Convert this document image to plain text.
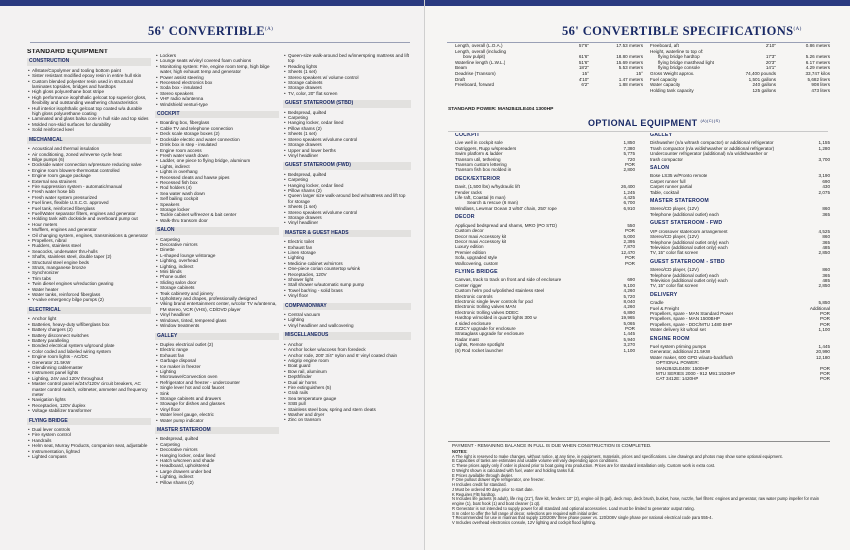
56' $CONVERTIBLE^{(A)}$
STANDARD EQUIPMENT
CONSTRUCTION
• Allstate/Copolymer and tooling bottom paint
• Sister resistant modified epoxy resin in entire hull skin
• Custom blended polyester resin used in structural laminates topsides, bridges and hardtops
• High gloss polyurethane boot stripe
• High performance isophthalic gelcoat top superior gloss, flexibility and outstanding weathering characteristics
• Hull interior isophthalic gelcoat top coated w/a durable high gloss polyurethane coating
• Laminated and glass balsa core in hull side and top sides
• Molded non-skid surfaces for durability
• Solid reinforced keel
MECHANICAL
• Acoustical and thermal insulation
• Air conditioning, zoned w/reverse cycle heat
• Bilge pumps (6)
• Dockside water connection w/pressure reducing valve
• Engine room blowers-thermostat controlled
• Engine room gauge package
• External sea strainers
• Fire suppression system - automatic/manual
• Fresh water hose bib
• Fresh water system pressurized
• Fuel lines, flexible U.S.C.G. approved
• Fuel tank, reinforced fiberglass
• Fuel/Water separator filters, engines and generator
• Holding tank with dockside and overboard pump out
• Hour meters
• Mufflers, engines and generator
• Oil changing system, engines, transmissions & generator
• Propellers, nibral
• Rudders, stainless steel
• Seacocks, underwater thru-hulls
• Shafts, stainless steel, double taper (2)
• Structural steel engine beds
• Struts, manganese bronze
• Synchronizer
• Trim tabs
• Twin diesel engines w/reduction gearing
• Water heater
• Water tanks, reinforced fiberglass
• Y-valve emergency bilge pumps (2)
ELECTRICAL
• Anchor light
• Batteries, heavy-duty w/fiberglass box
• Battery chargers (2)
• Battery disconnect switches
• Battery paralleling
• Bonded electrical system w/ground plate
• Color coded and labeled wiring system
• Engine room lights - AC/DC
• Generator 21.5KW
• Glendinning cablemaster
• Instrument panel lights
• Lighting, 24V and 120V throughout
• Master control panel w/24V/120V circuit breakers, AC master control switch, voltmeter, ammeter and frequency meter
• Navigation lights
• Receptacles, 120V duplex
• Voltage stabilizer transformer
FLYING BRIDGE
• Dual lever controls
• Fire system control
• Handrails
• Helm seat, Murray Products, companion seat, adjustable
• Instrumentation, lighted
• Lighted compass
• Lockers
• Lounge seats w/vinyl covered foam cushions
• Monitoring system: Fire, engine room temp, high bilge water, high exhaust temp and generator
• Power assist steering
• Recessed electronics box
• Soda box - insulated
• Stereo speakers
• VHF radio w/antenna
• Windshield venturi-type
COCKPIT
• Boarding box, fiberglass
• Cable TV and telephone connection
• Deck scale storage boxes (2)
• Dockside electric and water connection
• Drink box in step - insulated
• Engine room access
• Fresh water wash down
• Ladder, one piece to flying bridge, aluminum
• Lights, indirect
• Lights in overhang
• Recessed cleats and hawse pipes
• Recessed fish box
• Rod holders (4)
• Sea water wash down
• Self bailing cockpit
• Speakers
• Storage locker
• Tackle cabinet w/freezer & bait center
• Walk-thru transom door
SALON
• Carpeting
• Decorative mirrors
• Dinette
• L-shaped lounge w/storage
• Lighting, overhead
• Lighting, indirect
• Mini blinds
• Phone outlet
• Sliding salon door
• Storage cabinets
• Teak cabinetry and joinery
• Upholstery and drapes, professionally designed
• Viking brand entertainment center, w/color TV w/antenna, FM stereo, VCR (VHS), CD/DVD player
• Vinyl headliner
• Windows, tinted, tempered glass
• Window treatments
GALLEY
• Duplex electrical outlet (2)
• Electric range
• Exhaust fan
• Garbage disposal
• Ice maker in freezer
• Lighting
• Microwave/Convection oven
• Refrigerator and freezer - undercounter
• Single lever hot and cold faucet
• Sink
• Storage cabinets and drawers
• Stowage for dishes and glasses
• Vinyl floor
• Water level gauge, electric
• Water pump indicator
MASTER STATEROOM
• Bedspread, quilted
• Carpeting
• Decorative mirrors
• Hanging locker, cedar lined
• Hatch w/screen and shade
• Headboard, upholstered
• Large drawers under bed
• Lighting, indirect
• Pillow shams (2)
• Queen-size walk-around bed w/innerspring mattress and lift top
• Reading lights
• Sheets (1 set)
• Stereo speakers w/ volume control
• Storage cabinets
• Storage drawers
• TV, color, 20" flat screen
GUEST STATEROOM (STBD)
• Bedspread, quilted
• Carpeting
• Hanging locker, cedar lined
• Pillow shams (2)
• Sheets (1 set)
• Stereo speakers w/volume control
• Storage drawers
• Upper and lower berths
• Vinyl headliner
GUEST STATEROOM (FWD)
• Bedspread, quilted
• Carpeting
• Hanging locker, cedar lined
• Pillow shams (2)
• Queen larger size walk-around bed w/mattress and lift top for storage
• Sheets (1 set)
• Stereo speakers w/volume control
• Storage drawers
• Vinyl headliner
MASTER & GUEST HEADS
• Electric toilet
• Exhaust fan
• Linen storage
• Lighting
• Medicine cabinet w/mirrors
• One-piece corian countertop w/sink
• Receptacles, 120V
• Shower light
• Stall shower w/automatic sump pump
• Towel bar/ring - solid brass
• Vinyl floor
COMPANIONWAY
• Central vacuum
• Lighting
• Vinyl headliner and wallcovering
MISCELLANEOUS
• Anchor
• Anchor locker w/access from foredeck
• Anchor rode, 200' 3/4" nylon and 6' vinyl coated chain
• Asigrip engine room
• Boat guard
• Bow rail, aluminum
• Depthfinder
• Dual air horns
• Fire extinguishers (5)
• Grab rails
• Sea temperature gauge
• SSB pull
• Stainless steel bow, spring and stern cleats
• Washer and dryer
• Zinc on transom
56' CONVERTIBLE $SPECIFICATIONS^{(A)}$
Length, overall (L.O.A.)	57'6"	17.53 meters
Length, overall (including
bow pulpit)	61'6"	18.80 meters
Waterline length (L.W.L.)	51'6"	15.69 meters
Beam	18'2"	5.53 meters
Deadrise (Transom)	15°	15°
Draft	4'10"	1.47 meters
Freeboard, forward	6'2"	1.88 meters
Freeboard, aft	2'10"	0.86 meters
Height, waterline to top of:
flying bridge hardtop	17'3"	5.26 meters
flying bridge masthead light	20'3"	6.17 meters
flying bridge console	14'1"	4.29 meters
Gross Weight approx.	74,400 pounds	33,747 kilos
Fuel capacity	1,501 gallons	5,682 liters
Water capacity	240 gallons	908 liters
Holding tank capacity	125 gallons	473 liters
STANDARD POWER: MAN2842LE404 1300HP
OPTIONAL EQUIPMENT $^{(A)(C)(S)}$
COCKPIT
Live well in cockpit sole	1,850
Outriggers, Rupp w/spreaders	7,380
Swim platform & ladder	5,775
Transom util, tethering	720
Transom custom lettering	POR
Transom fish box molded in	2,800
DECK/EXTERIOR
Davit, (1,500 lbs) w/hydraulic lift	26,400
Fender racks	1,245
Life raft, Coastal (6 man)	4,425
Search & rescue (6 man)	6,700
Windlass, Lewmar Ocean 3 w/50' chain, 250' rope	6,910
DECOR
Appliqued bedspread and shams, MRO (PO STD)	550
Custom decor	POR
Decor maxi Accessory kit	5,000
Decor maxi Accessory kit	2,395
Luxury edition	7,870
Premier edition	12,470
Sofa, upgraded style	POR
Wallcovering, custom	POR
FLYING BRIDGE
Canvas, track to track on front and side of enclosure	690
Center rigger	9,100
Custom helm pod w/polished stainless steel	4,260
Electronic controls	5,720
Electronic single lever controls for pod	8,040
Electronic trolling valves MAN	4,260
Electronic trolling valves DDEC	6,890
Hardtop w/molded in quartz lights 300 w	19,965
4 sided enclosure	5,065
EZ2CY upgrade for enclosure	POR
Strataglass upgrade for enclosure	1,445
Radar mast	5,940
Lights, Remote spotlight	3,270
(6) Rod rocket launcher	1,100
GALLEY
Dishwasher (n/a w/trash compactor) or additional refrigerator	1,155
Trash compactor (n/a w/dishwasher or additional refrigerator)	1,280
Undercounter refrigerator (additional) n/a w/dishwasher or
trash compactor	3,700
SALON
Bose LS35 w/Pronto remote	3,190
Carpet runner full	690
Carpet runner partial	430
Table, cocktail	2,075
MASTER STATEROOM
Stereo/CD player, (12V)	860
Telephone (additional outlet) each	365
GUEST STATEROOM - FWD
VIP crossover stateroom arrangement	4,525
Stereo/CD player, (12V)	860
Telephone (additional outlet only) each	365
Television (additional outlet only) each	485
TV, 15" color flat screen	2,850
GUEST STATEROOM - STBD
Stereo/CD player, (12V)	860
Telephone (additional outlet) each	365
Television (additional outlet only) each	485
TV, 15" color flat screen	2,850
DELIVERY
Cradle	5,850
Fuel & Freight	Additional
Propellers, spare - MAN Standard Power	POR
Propellers, spare - MAN 1500BHP	POR
Propellers, spare - DDC/MTU 1480 BHP	POR
Water delivery kit w/tool set	1,100
ENGINE ROOM
Fuel system priming pumps	1,445
Generator, additional 21.5KW	20,990
Water maker, 600 GPD w/auto-backflush	12,180
OPTIONAL POWER:
MAN2842LE409: 1500HP	POR
MTU SERIES 2000 - 912 M91:1520HP	POR
CAT 3412E: 1420HP	POR
PAYMENT - REMAINING BALANCE IN FULL IS DUE WHEN CONSTRUCTION IS COMPLETED.
NOTES:
A The right is reserved to make changes, without notice, at any time, in equipment, materials, prices and specifications. Line drawings and photos may show some optional equipment.
B Capacities of tanks are estimates and usable volume will vary depending upon conditions.
C These prices apply only if order is placed prior to boat going into production. Prices are for standard installation only. Custom work is extra cost.
D Weight shown is calculated with fuel, water and holding tanks full.
E Prices available through dealer.
F One pullout drawer style refrigerator, one freezer.
H Includes credit for standard.
J Must be ordered 90 days prior to start date.
K Requires F/B hardtop.
N Includes life jackets (6 adult), life ring (21"), flare kit, fenders: 10" (2), engine oil (5 gal), deck mop, deck brush, bucket, hose, nozzle, fuel filters: engines and generator, raw water pump impeller for main engine (1), boat hook (1) and boat cleaner (1 qt).
R Generator is not intended to supply power for all standard and optional accessories. Load must be limited to generator output rating.
S In order to offer the full range of decor, selections are required with initial order.
T Recommended for use in marinas that supply 120/208V three phase power vs. 120/208V single phase per national electrical code para 555-4.
V Includes overhead electronics console, 12V lighting and cockpit flood lighting.
